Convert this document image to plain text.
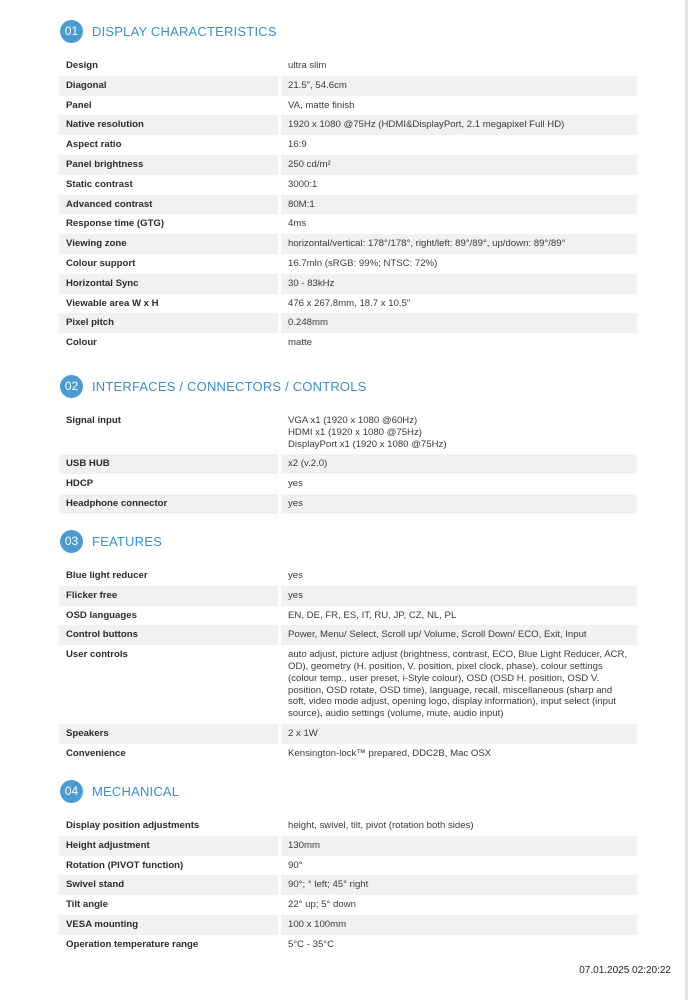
01	DISPLAY CHARACTERISTICS
Design	ultra slim
Diagonal	21.5", 54.6cm
Panel	VA, matte finish
Native resolution	1920 x 1080 @75Hz (HDMI&DisplayPort, 2.1 megapixel Full HD)
Aspect ratio	16:9
Panel brightness	250 cd/m²
Static contrast	3000:1
Advanced contrast	80M:1
Response time (GTG)	4ms
Viewing zone	horizontal/vertical: 178°/178°, right/left: 89°/89°, up/down: 89°/89°
Colour support	16.7mln (sRGB: 99%; NTSC: 72%)
Horizontal Sync	30 - 83kHz
Viewable area W x H	476 x 267.8mm, 18.7 x 10.5"
Pixel pitch	0.248mm
Colour	matte
02	INTERFACES / CONNECTORS / CONTROLS
Signal input	VGA x1 (1920 x 1080 @60Hz)
HDMI x1 (1920 x 1080 @75Hz)
DisplayPort x1 (1920 x 1080 @75Hz)
USB HUB	x2 (v.2.0)
HDCP	yes
Headphone connector	yes
03	FEATURES
Blue light reducer	yes
Flicker free	yes
OSD languages	EN, DE, FR, ES, IT, RU, JP, CZ, NL, PL
Control buttons	Power, Menu/ Select, Scroll up/ Volume, Scroll Down/ ECO, Exit, Input
User controls	auto adjust, picture adjust (brightness, contrast, ECO, Blue Light Reducer, ACR, OD), geometry (H. position, V. position, pixel clock, phase), colour settings (colour temp., user preset, i-Style colour), OSD (OSD H. position, OSD V. position, OSD rotate, OSD time), language, recall, miscellaneous (sharp and soft, video mode adjust, opening logo, display information), input select (input source), audio settings (volume, mute, audio input)
Speakers	2 x 1W
Convenience	Kensington-lock™ prepared, DDC2B, Mac OSX
04	MECHANICAL
Display position adjustments	height, swivel, tilt, pivot (rotation both sides)
Height adjustment	130mm
Rotation (PIVOT function)	90°
Swivel stand	90°; ° left; 45° right
Tilt angle	22° up; 5° down
VESA mounting	100 x 100mm
Operation temperature range	5°C - 35°C
07.01.2025 02:20:22
